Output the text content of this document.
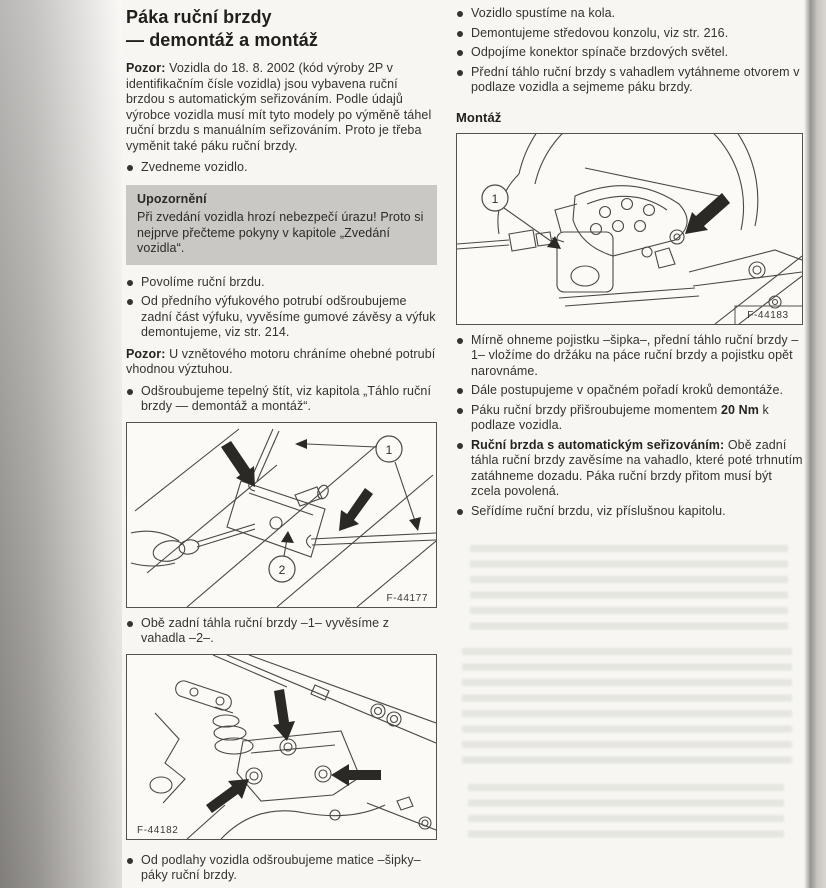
Páka ruční brzdy
— demontáž a montáž

Pozor: Vozidla do 18. 8. 2002 (kód výroby 2P v identifikačním čísle vozidla) jsou vybavena ruční brzdou s automatickým seřizováním. Podle údajů výrobce vozidla musí mít tyto modely po výměně táhel ruční brzdu s manuálním seřizováním. Proto je třeba vyměnit také páku ruční brzdy.

Zvedneme vozidlo.
Upozornění
Při zvedání vozidla hrozí nebezpečí úrazu! Proto si nejprve přečteme pokyny v kapitole „Zvedání vozidla“.
Povolíme ruční brzdu.
Od předního výfukového potrubí odšroubujeme zadní část výfuku, vyvěsíme gumové závěsy a výfuk demontujeme, viz str. 214.

Pozor: U vznětového motoru chráníme ohebné potrubí vhodnou výztuhou.

Odšroubujeme tepelný štít, viz kapitola „Táhlo ruční brzdy — demontáž a montáž“.
1
2
F-44177
Obě zadní táhla ruční brzdy –1– vyvěsíme z vahadla –2–.
F-44182
Od podlahy vozidla odšroubujeme matice –šipky– páky ruční brzdy.
Vozidlo spustíme na kola.
Demontujeme středovou konzolu, viz str. 216.
Odpojíme konektor spínače brzdových světel.
Přední táhlo ruční brzdy s vahadlem vytáhneme otvorem v podlaze vozidla a sejmeme páku brzdy.
Montáž
1
F-44183
Mírně ohneme pojistku –šipka–, přední táhlo ruční brzdy –1– vložíme do držáku na páce ruční brzdy a pojistku opět narovnáme.
Dále postupujeme v opačném pořadí kroků demontáže.
Páku ruční brzdy přišroubujeme momentem 20 Nm k podlaze vozidla.
Ruční brzda s automatickým seřizováním: Obě zadní táhla ruční brzdy zavěsíme na vahadlo, které poté trhnutím zatáhneme dozadu. Páka ruční brzdy přitom musí být zcela povolená.
Seřídíme ruční brzdu, viz příslušnou kapitolu.
